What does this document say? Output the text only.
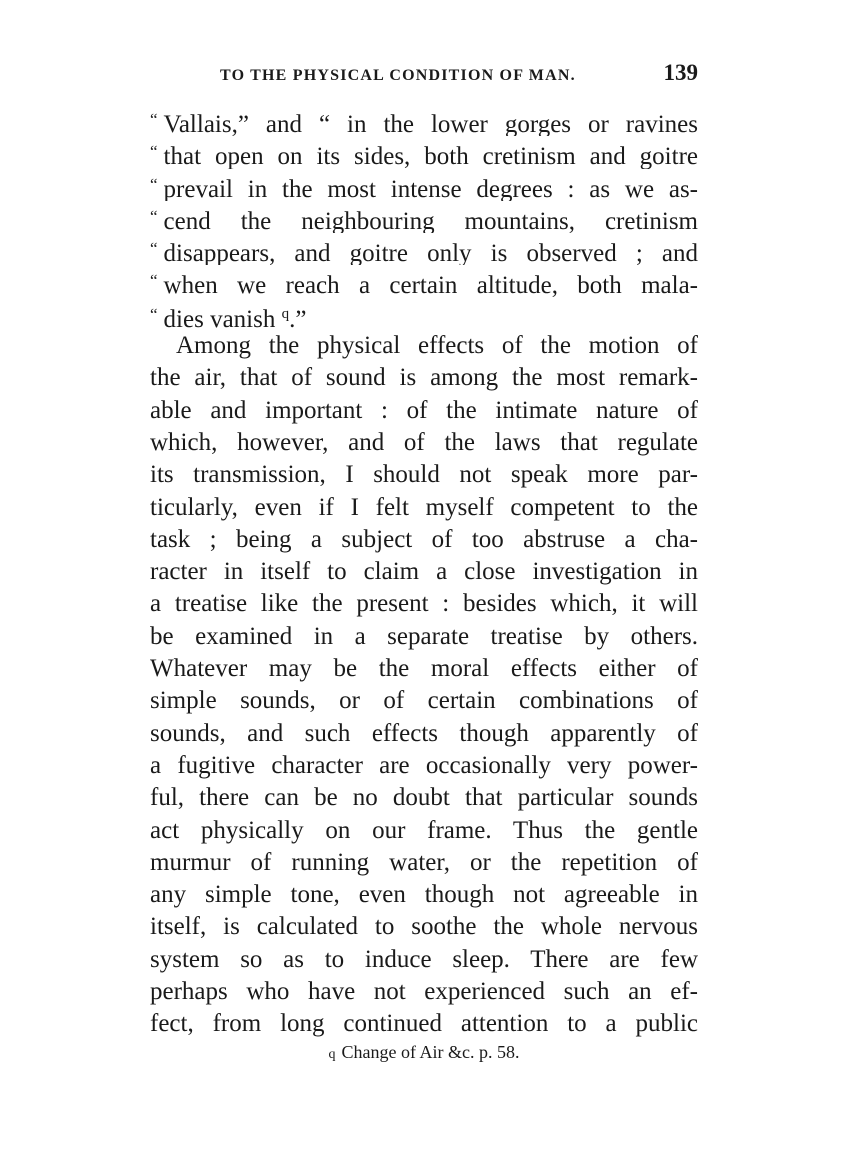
TO THE PHYSICAL CONDITION OF MAN.	139
“ Vallais,” and “ in the lower gorges or ravines
“ that open on its sides, both cretinism and goitre
“ prevail in the most intense degrees : as we as-
“ cend the neighbouring mountains, cretinism
“ disappears, and goitre only is observed ; and
“ when we reach a certain altitude, both mala-
“ dies vanish $^q$.”
Among the physical effects of the motion of
the air, that of sound is among the most remark-
able and important : of the intimate nature of
which, however, and of the laws that regulate
its transmission, I should not speak more par-
ticularly, even if I felt myself competent to the
task ; being a subject of too abstruse a cha-
racter in itself to claim a close investigation in
a treatise like the present : besides which, it will
be examined in a separate treatise by others.
Whatever may be the moral effects either of
simple sounds, or of certain combinations of
sounds, and such effects though apparently of
a fugitive character are occasionally very power-
ful, there can be no doubt that particular sounds
act physically on our frame. Thus the gentle
murmur of running water, or the repetition of
any simple tone, even though not agreeable in
itself, is calculated to soothe the whole nervous
system so as to induce sleep. There are few
perhaps who have not experienced such an ef-
fect, from long continued attention to a public
q Change of Air &c. p. 58.
